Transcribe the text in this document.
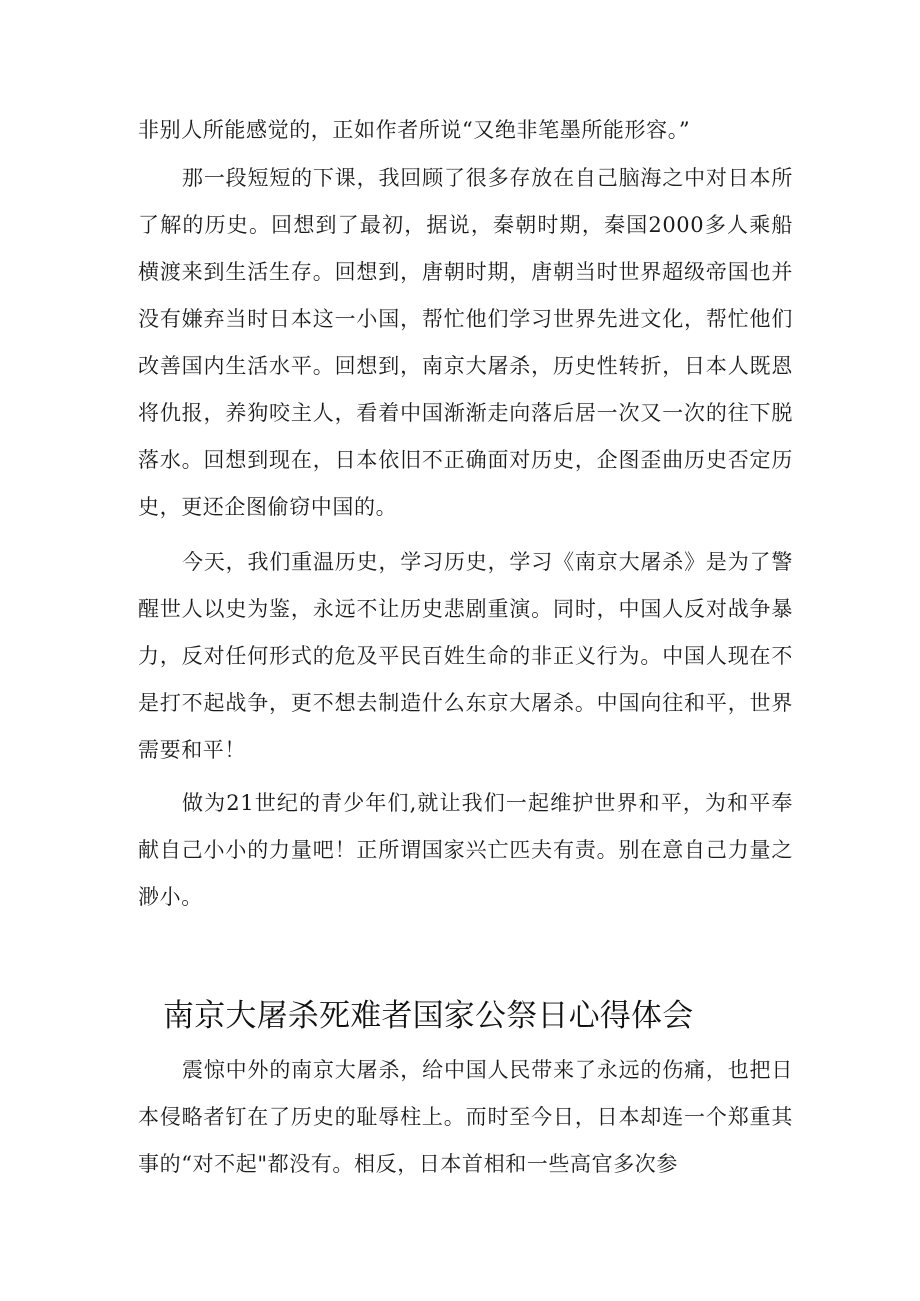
非别人所能感觉的，正如作者所说“又绝非笔墨所能形容。”

那一段短短的下课，我回顾了很多存放在自己脑海之中对日本所了解的历史。回想到了最初，据说，秦朝时期，秦国2000多人乘船横渡来到生活生存。回想到，唐朝时期，唐朝当时世界超级帝国也并没有嫌弃当时日本这一小国，帮忙他们学习世界先进文化，帮忙他们改善国内生活水平。回想到，南京大屠杀，历史性转折，日本人既恩将仇报，养狗咬主人，看着中国渐渐走向落后居一次又一次的往下脱落水。回想到现在，日本依旧不正确面对历史，企图歪曲历史否定历史，更还企图偷窃中国的。

今天，我们重温历史，学习历史，学习《南京大屠杀》是为了警醒世人以史为鉴，永远不让历史悲剧重演。同时，中国人反对战争暴力，反对任何形式的危及平民百姓生命的非正义行为。中国人现在不是打不起战争，更不想去制造什么东京大屠杀。中国向往和平，世界需要和平！

做为21世纪的青少年们,就让我们一起维护世界和平，为和平奉献自己小小的力量吧！正所谓国家兴亡匹夫有责。别在意自己力量之渺小。

南京大屠杀死难者国家公祭日心得体会

震惊中外的南京大屠杀，给中国人民带来了永远的伤痛，也把日本侵略者钉在了历史的耻辱柱上。而时至今日，日本却连一个郑重其事的“对不起"都没有。相反，日本首相和一些高官多次参
